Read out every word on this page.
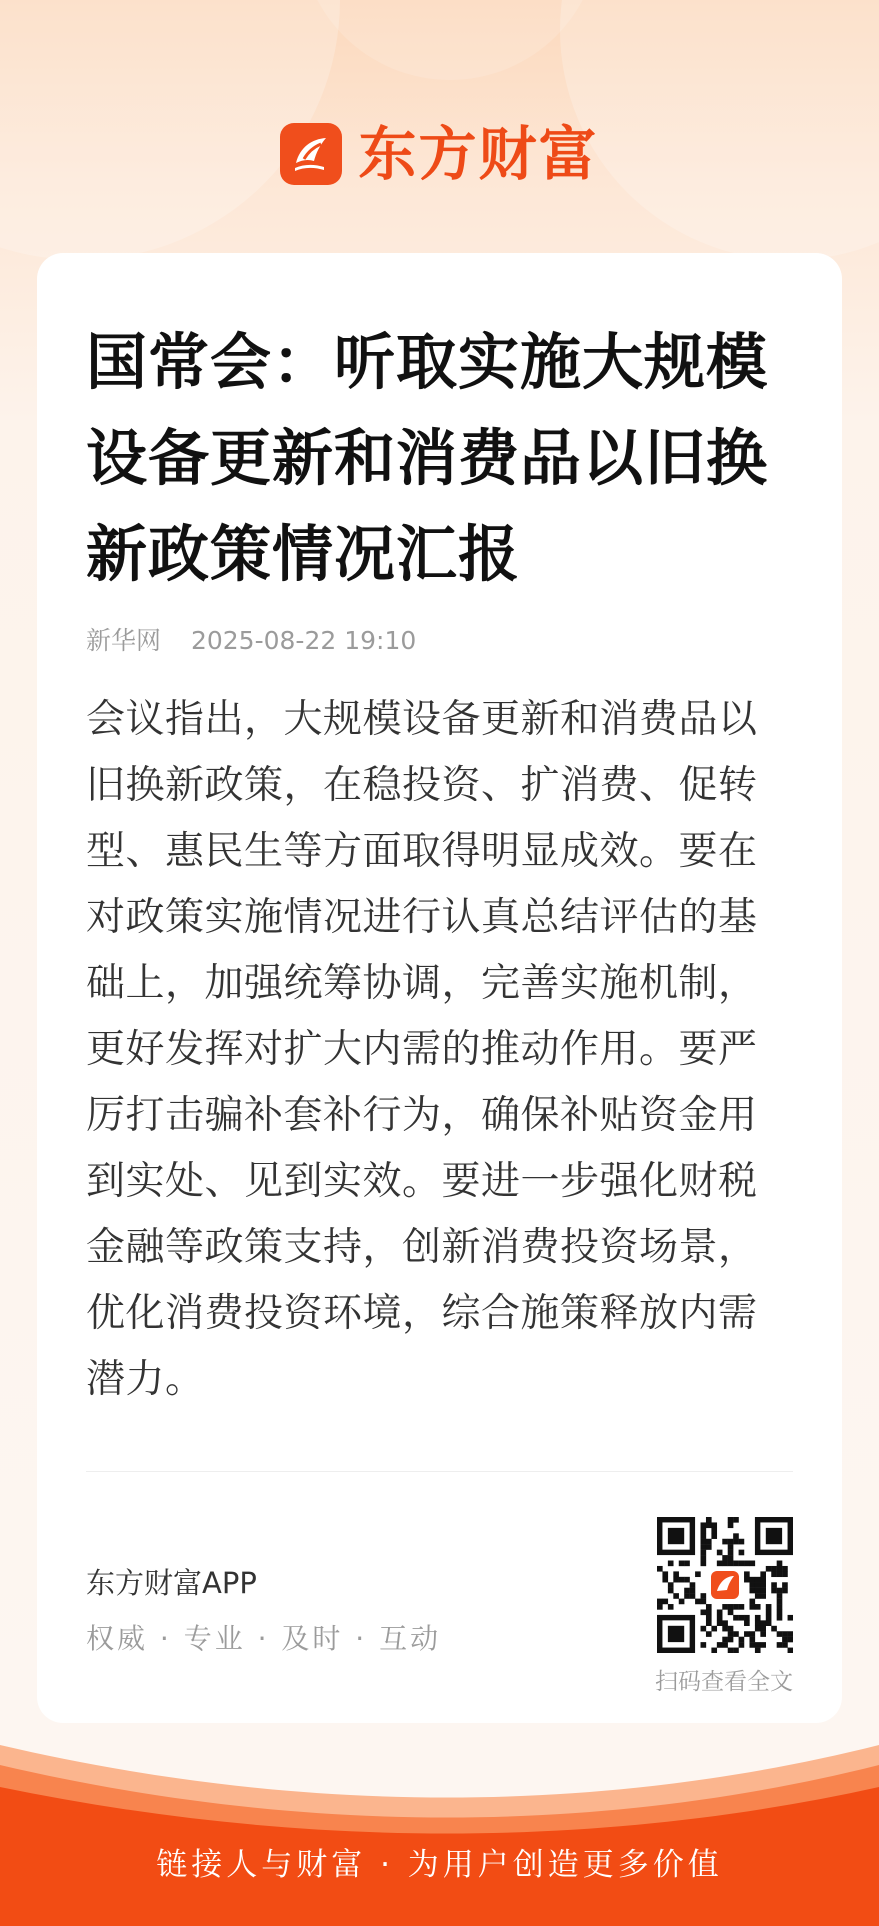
东方财富
国常会：听取实施大规模设备更新和消费品以旧换新政策情况汇报
新华网 2025-08-22 19:10

会议指出，大规模设备更新和消费品以旧换新政策，在稳投资、扩消费、促转型、惠民生等方面取得明显成效。要在对政策实施情况进行认真总结评估的基础上，加强统筹协调，完善实施机制，更好发挥对扩大内需的推动作用。要严厉打击骗补套补行为，确保补贴资金用到实处、见到实效。要进一步强化财税金融等政策支持，创新消费投资场景，优化消费投资环境，综合施策释放内需潜力。

东方财富APP
权威 · 专业 · 及时 · 互动
扫码查看全文
链接人与财富 · 为用户创造更多价值
